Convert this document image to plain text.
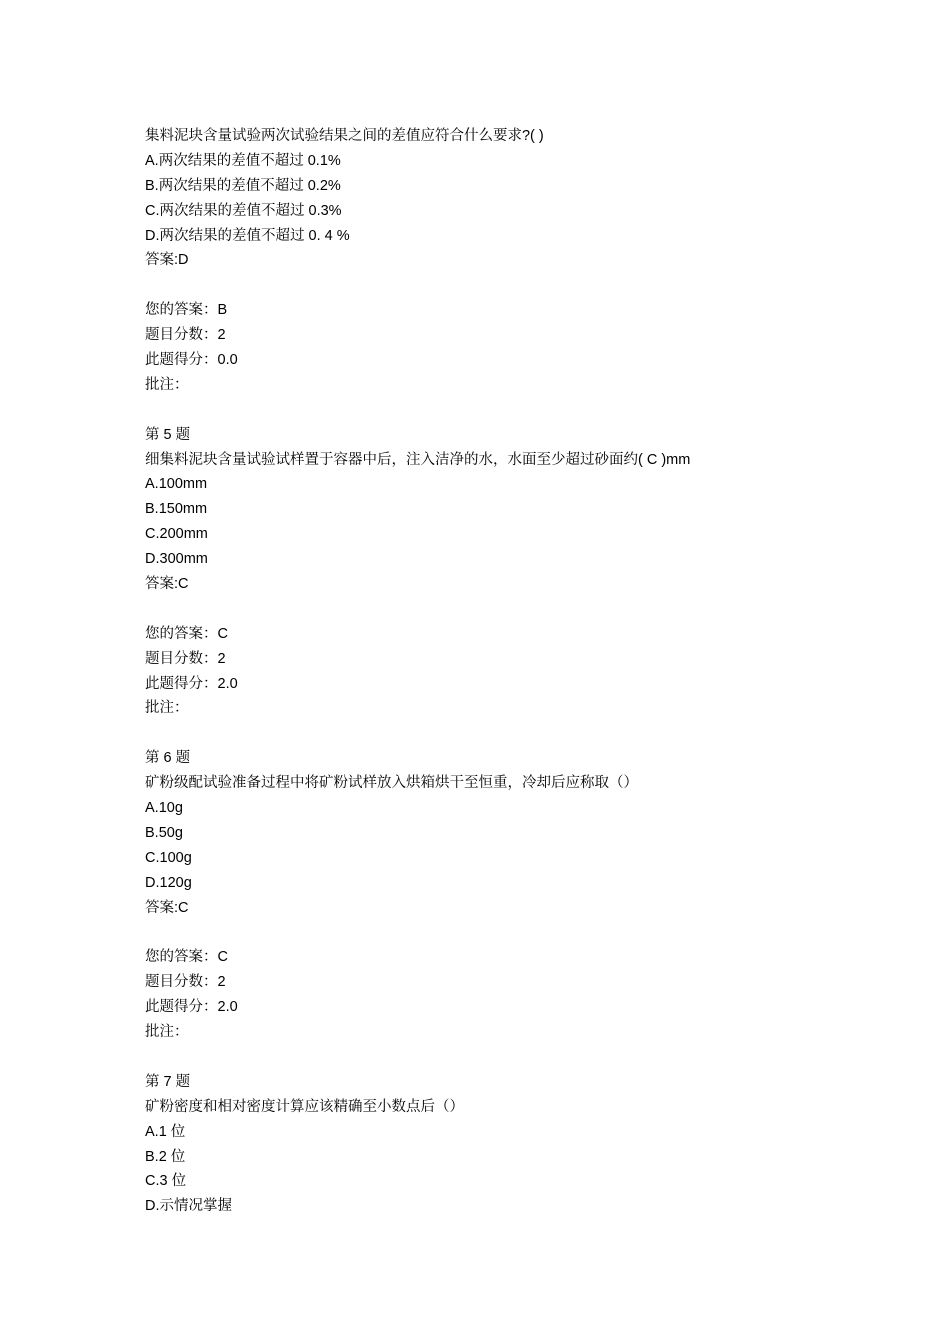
集料泥块含量试验两次试验结果之间的差值应符合什么要求?( )
A.两次结果的差值不超过 0.1%
B.两次结果的差值不超过 0.2%
C.两次结果的差值不超过 0.3%
D.两次结果的差值不超过 0. 4 %
答案:D
您的答案：B
题目分数：2
此题得分：0.0
批注：
第 5 题
细集料泥块含量试验试样置于容器中后，注入洁净的水，水面至少超过砂面约( C )mm
A.100mm
B.150mm
C.200mm
D.300mm
答案:C
您的答案：C
题目分数：2
此题得分：2.0
批注：
第 6 题
矿粉级配试验准备过程中将矿粉试样放入烘箱烘干至恒重，冷却后应称取（）
A.10g
B.50g
C.100g
D.120g
答案:C
您的答案：C
题目分数：2
此题得分：2.0
批注：
第 7 题
矿粉密度和相对密度计算应该精确至小数点后（）
A.1 位
B.2 位
C.3 位
D.示情况掌握
